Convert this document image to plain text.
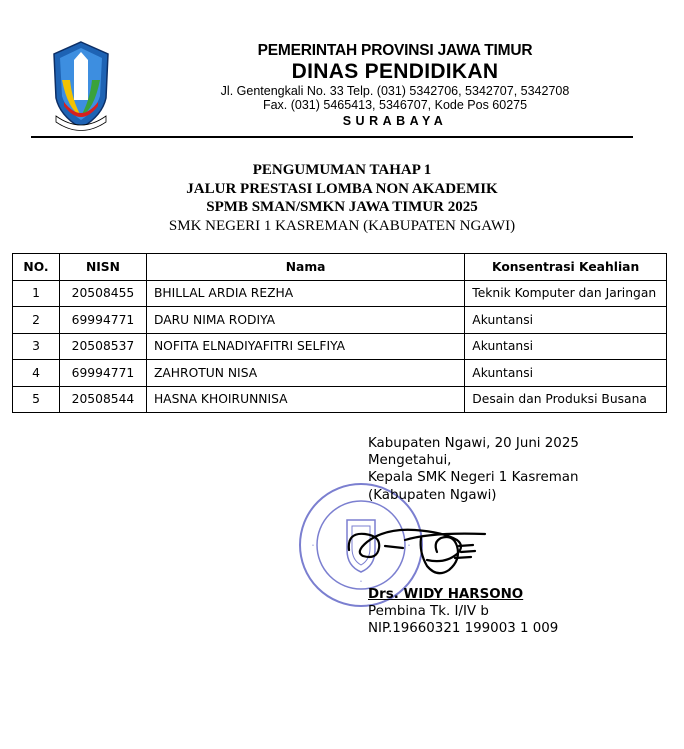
PEMERINTAH PROVINSI JAWA TIMUR
DINAS PENDIDIKAN
Jl. Gentengkali No. 33 Telp. (031) 5342706, 5342707, 5342708
Fax. (031) 5465413, 5346707, Kode Pos 60275
SURABAYA
PENGUMUMAN TAHAP 1
JALUR PRESTASI LOMBA NON AKADEMIK
SPMB SMAN/SMKN JAWA TIMUR 2025
SMK NEGERI 1 KASREMAN (KABUPATEN NGAWI)
NO.	NISN	Nama	Konsentrasi Keahlian
1	20508455	BHILLAL ARDIA REZHA	Teknik Komputer dan Jaringan
2	69994771	DARU NIMA RODIYA	Akuntansi
3	20508537	NOFITA ELNADIYAFITRI SELFIYA	Akuntansi
4	69994771	ZAHROTUN NISA	Akuntansi
5	20508544	HASNA KHOIRUNNISA	Desain dan Produksi Busana
★
★	★
Kabupaten Ngawi, 20 Juni 2025
Mengetahui,
Kepala SMK Negeri 1 Kasreman
(Kabupaten Ngawi)
Drs. WIDY HARSONO
Pembina Tk. I/IV b
NIP.19660321 199003 1 009
